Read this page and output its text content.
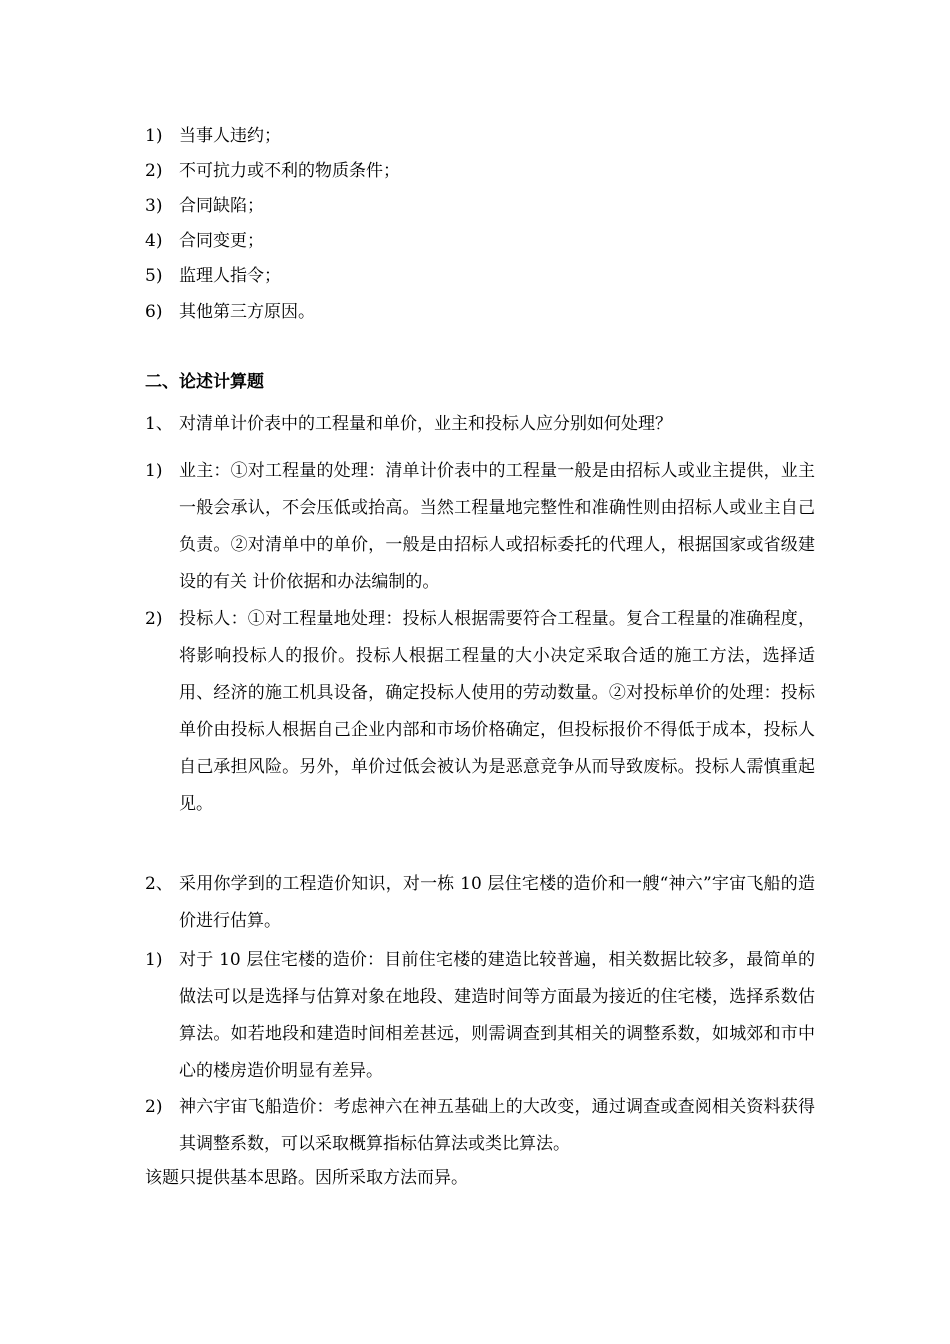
1) 当事人违约；
2) 不可抗力或不利的物质条件；
3) 合同缺陷；
4) 合同变更；
5) 监理人指令；
6) 其他第三方原因。
二、论述计算题
1、 对清单计价表中的工程量和单价，业主和投标人应分别如何处理？
1) 业主：①对工程量的处理：清单计价表中的工程量一般是由招标人或业主提供，业主一般会承认，不会压低或抬高。当然工程量地完整性和准确性则由招标人或业主自己负责。②对清单中的单价，一般是由招标人或招标委托的代理人，根据国家或省级建设的有关 计价依据和办法编制的。
2) 投标人：①对工程量地处理：投标人根据需要符合工程量。复合工程量的准确程度，将影响投标人的报价。投标人根据工程量的大小决定采取合适的施工方法，选择适用、经济的施工机具设备，确定投标人使用的劳动数量。②对投标单价的处理：投标单价由投标人根据自己企业内部和市场价格确定，但投标报价不得低于成本，投标人自己承担风险。另外，单价过低会被认为是恶意竞争从而导致废标。投标人需慎重起见。
2、 采用你学到的工程造价知识，对一栋 10 层住宅楼的造价和一艘“神六”宇宙飞船的造价进行估算。
1) 对于 10 层住宅楼的造价：目前住宅楼的建造比较普遍，相关数据比较多，最简单的做法可以是选择与估算对象在地段、建造时间等方面最为接近的住宅楼，选择系数估算法。如若地段和建造时间相差甚远，则需调查到其相关的调整系数，如城郊和市中心的楼房造价明显有差异。
2) 神六宇宙飞船造价：考虑神六在神五基础上的大改变，通过调查或查阅相关资料获得其调整系数，可以采取概算指标估算法或类比算法。
该题只提供基本思路。因所采取方法而异。
